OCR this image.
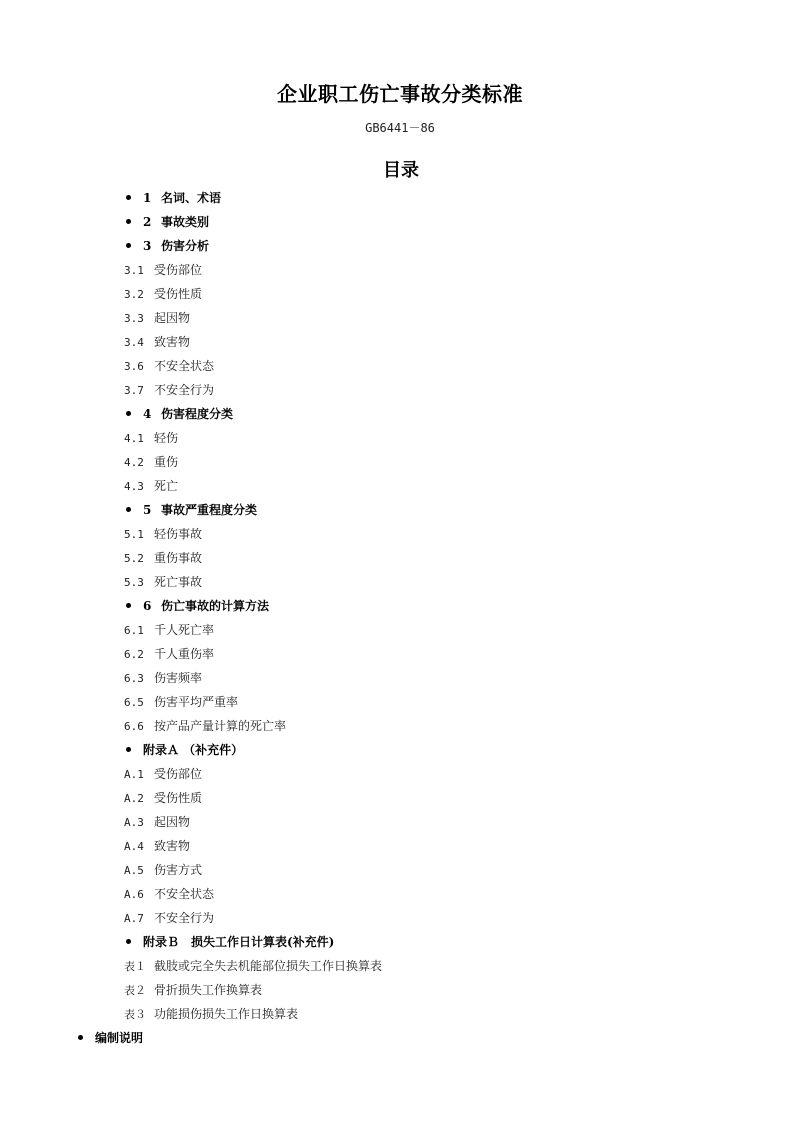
企业职工伤亡事故分类标准
GB6441－86
目录
1 名词、术语
2 事故类别
3 伤害分析
3.1 受伤部位
3.2 受伤性质
3.3 起因物
3.4 致害物
3.6 不安全状态
3.7 不安全行为
4 伤害程度分类
4.1 轻伤
4.2 重伤
4.3 死亡
5 事故严重程度分类
5.1 轻伤事故
5.2 重伤事故
5.3 死亡事故
6 伤亡事故的计算方法
6.1 千人死亡率
6.2 千人重伤率
6.3 伤害频率
6.5 伤害平均严重率
6.6 按产品产量计算的死亡率
附录Ａ （补充件）
A.1 受伤部位
A.2 受伤性质
A.3 起因物
A.4 致害物
A.5 伤害方式
A.6 不安全状态
A.7 不安全行为
附录Ｂ　损失工作日计算表(补充件)
表１ 截肢或完全失去机能部位损失工作日换算表
表２ 骨折损失工作换算表
表３ 功能损伤损失工作日换算表
编制说明
